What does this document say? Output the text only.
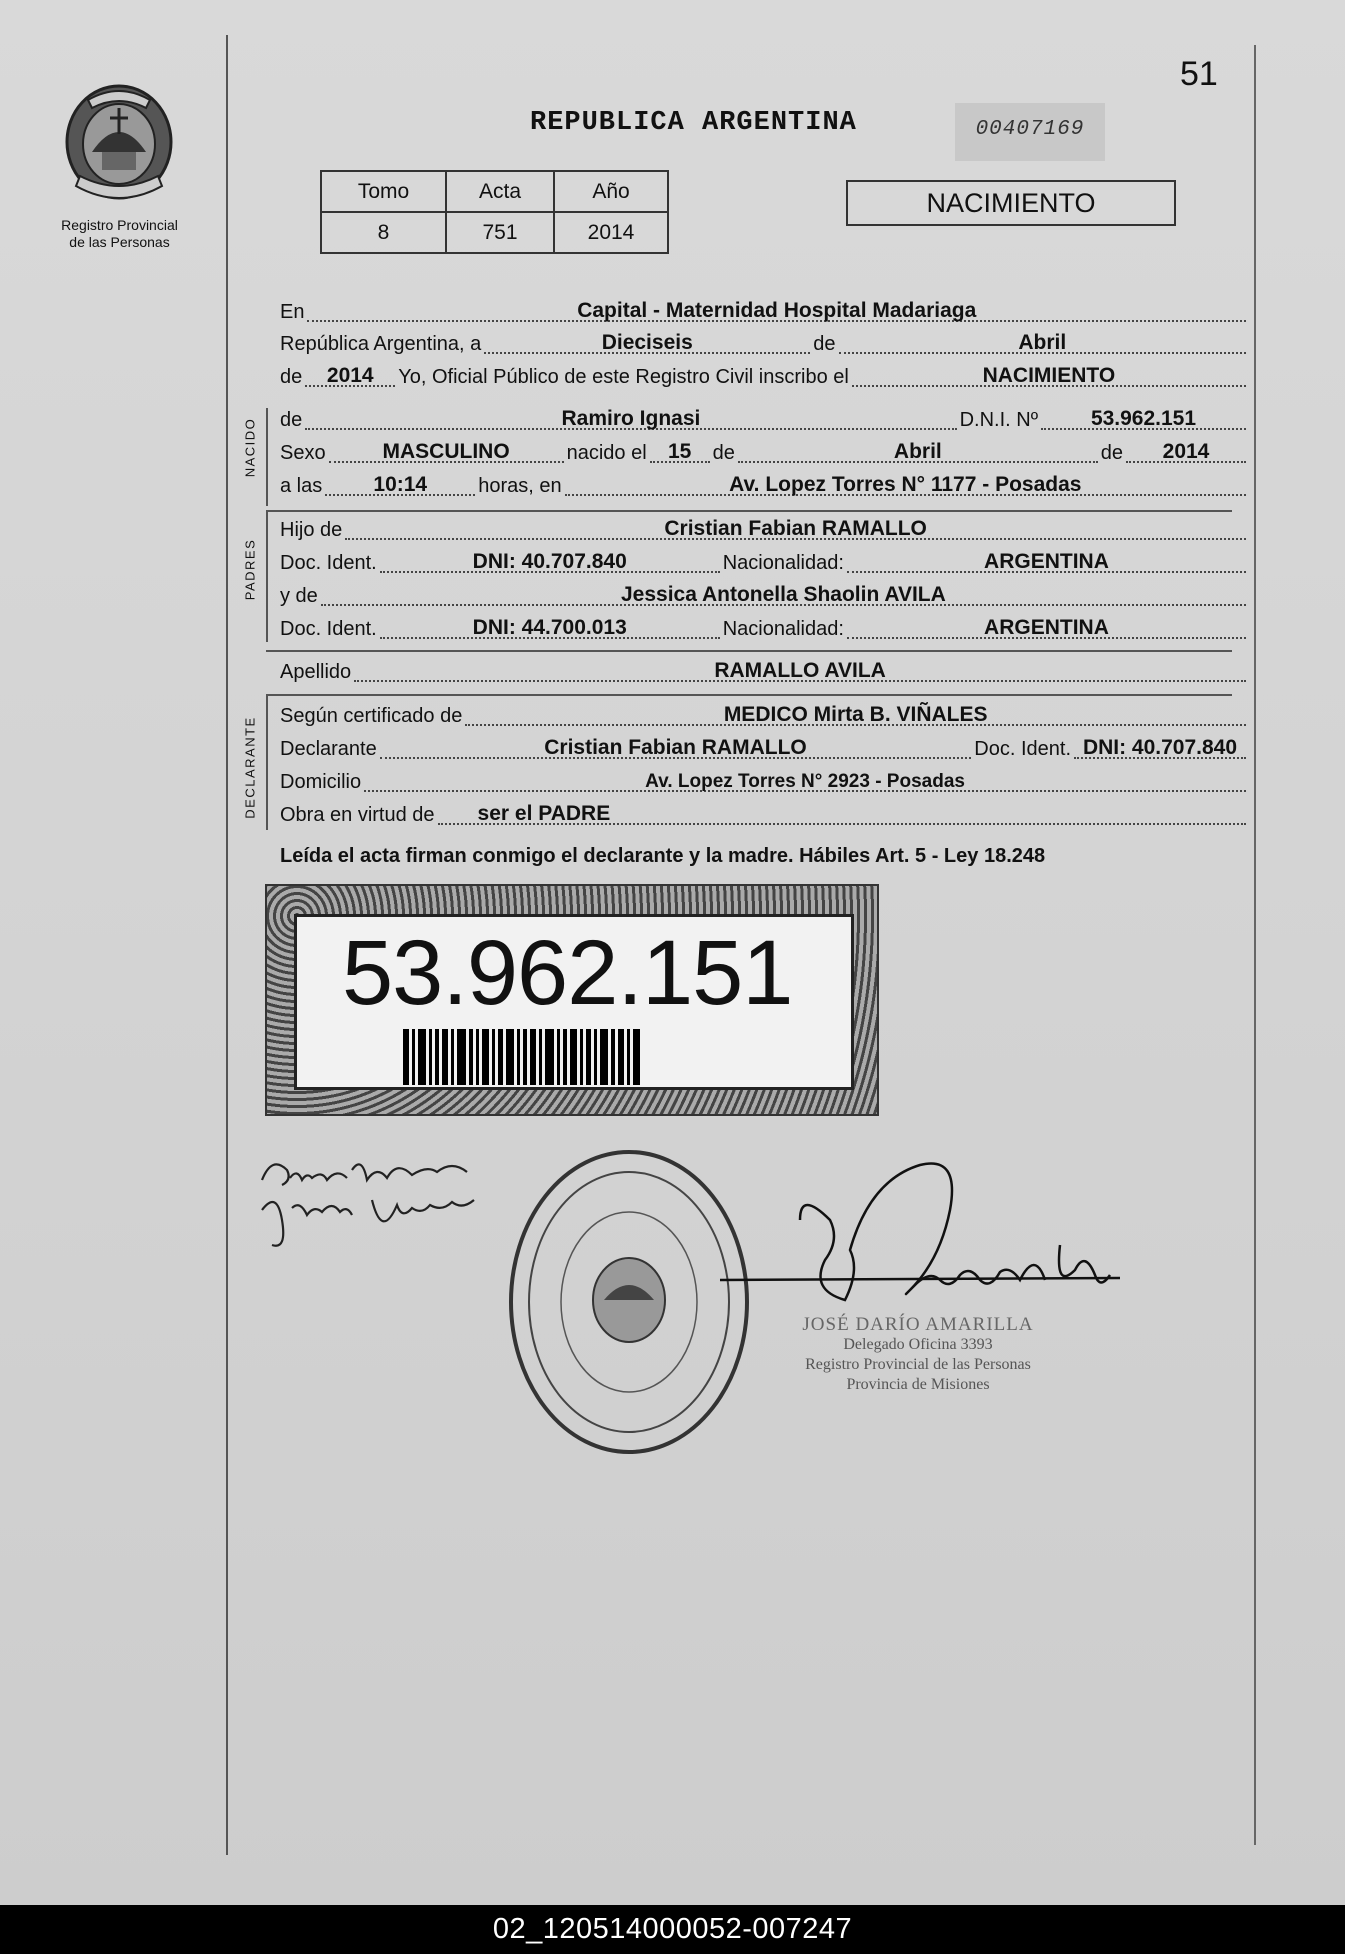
51
Registro Provincial
de las Personas
REPUBLICA ARGENTINA	00407169
Tomo	Acta	Año
8	751	2014
NACIMIENTO
En	Capital - Maternidad Hospital Madariaga
República Argentina, a	Dieciseis	de	Abril
de	2014	Yo, Oficial Público de este Registro Civil inscribo el	NACIMIENTO
NACIDO de	Ramiro Ignasi	D.N.I. Nº	53.962.151
Sexo	MASCULINO	nacido el	15	de	Abril	de	2014
a las	10:14	horas, en	Av. Lopez Torres N° 1177 - Posadas
PADRES
Hijo de	Cristian Fabian RAMALLO
Doc. Ident.	DNI: 40.707.840	Nacionalidad:	ARGENTINA
y de	Jessica Antonella Shaolin AVILA
Doc. Ident.	DNI: 44.700.013	Nacionalidad:	ARGENTINA
Apellido	RAMALLO AVILA
DECLARANTE
Según certificado de	MEDICO Mirta B. VIÑALES
Declarante	Cristian Fabian RAMALLO	Doc. Ident. DNI: 40.707.840
Domicilio	Av. Lopez Torres N° 2923 - Posadas
Obra en virtud de	ser el PADRE
Leída el acta firman conmigo el declarante y la madre. Hábiles Art. 5 - Ley 18.248
53.962.151
JOSÉ DARÍO AMARILLA
Delegado Oficina 3393
Registro Provincial de las Personas
Provincia de Misiones
02_120514000052-007247
